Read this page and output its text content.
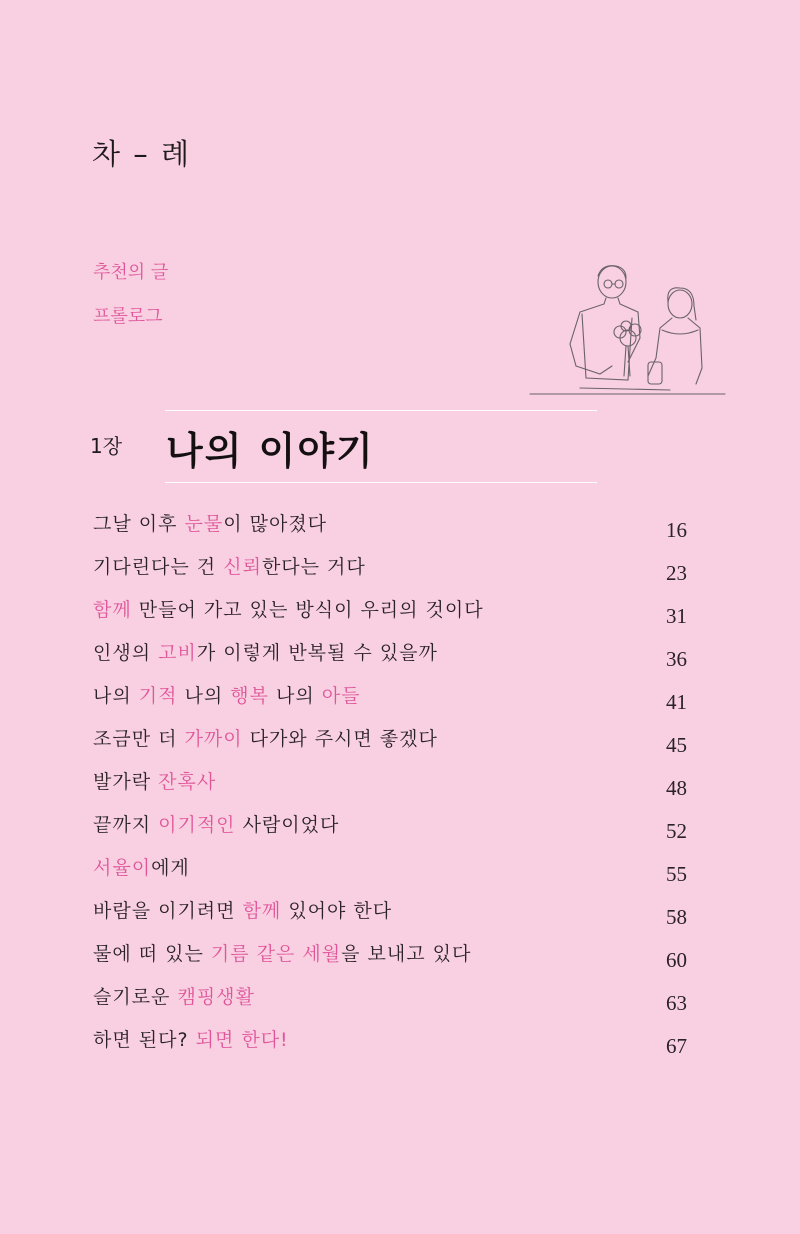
차 – 례
추천의 글
프롤로그
1장 나의 이야기
그날 이후 눈물이 많아졌다	16
기다린다는 건 신뢰한다는 거다	23
함께 만들어 가고 있는 방식이 우리의 것이다	31
인생의 고비가 이렇게 반복될 수 있을까	36
나의 기적 나의 행복 나의 아들	41
조금만 더 가까이 다가와 주시면 좋겠다	45
발가락 잔혹사	48
끝까지 이기적인 사람이었다	52
서율이에게	55
바람을 이기려면 함께 있어야 한다	58
물에 떠 있는 기름 같은 세월을 보내고 있다	60
슬기로운 캠핑생활	63
하면 된다? 되면 한다!	67
